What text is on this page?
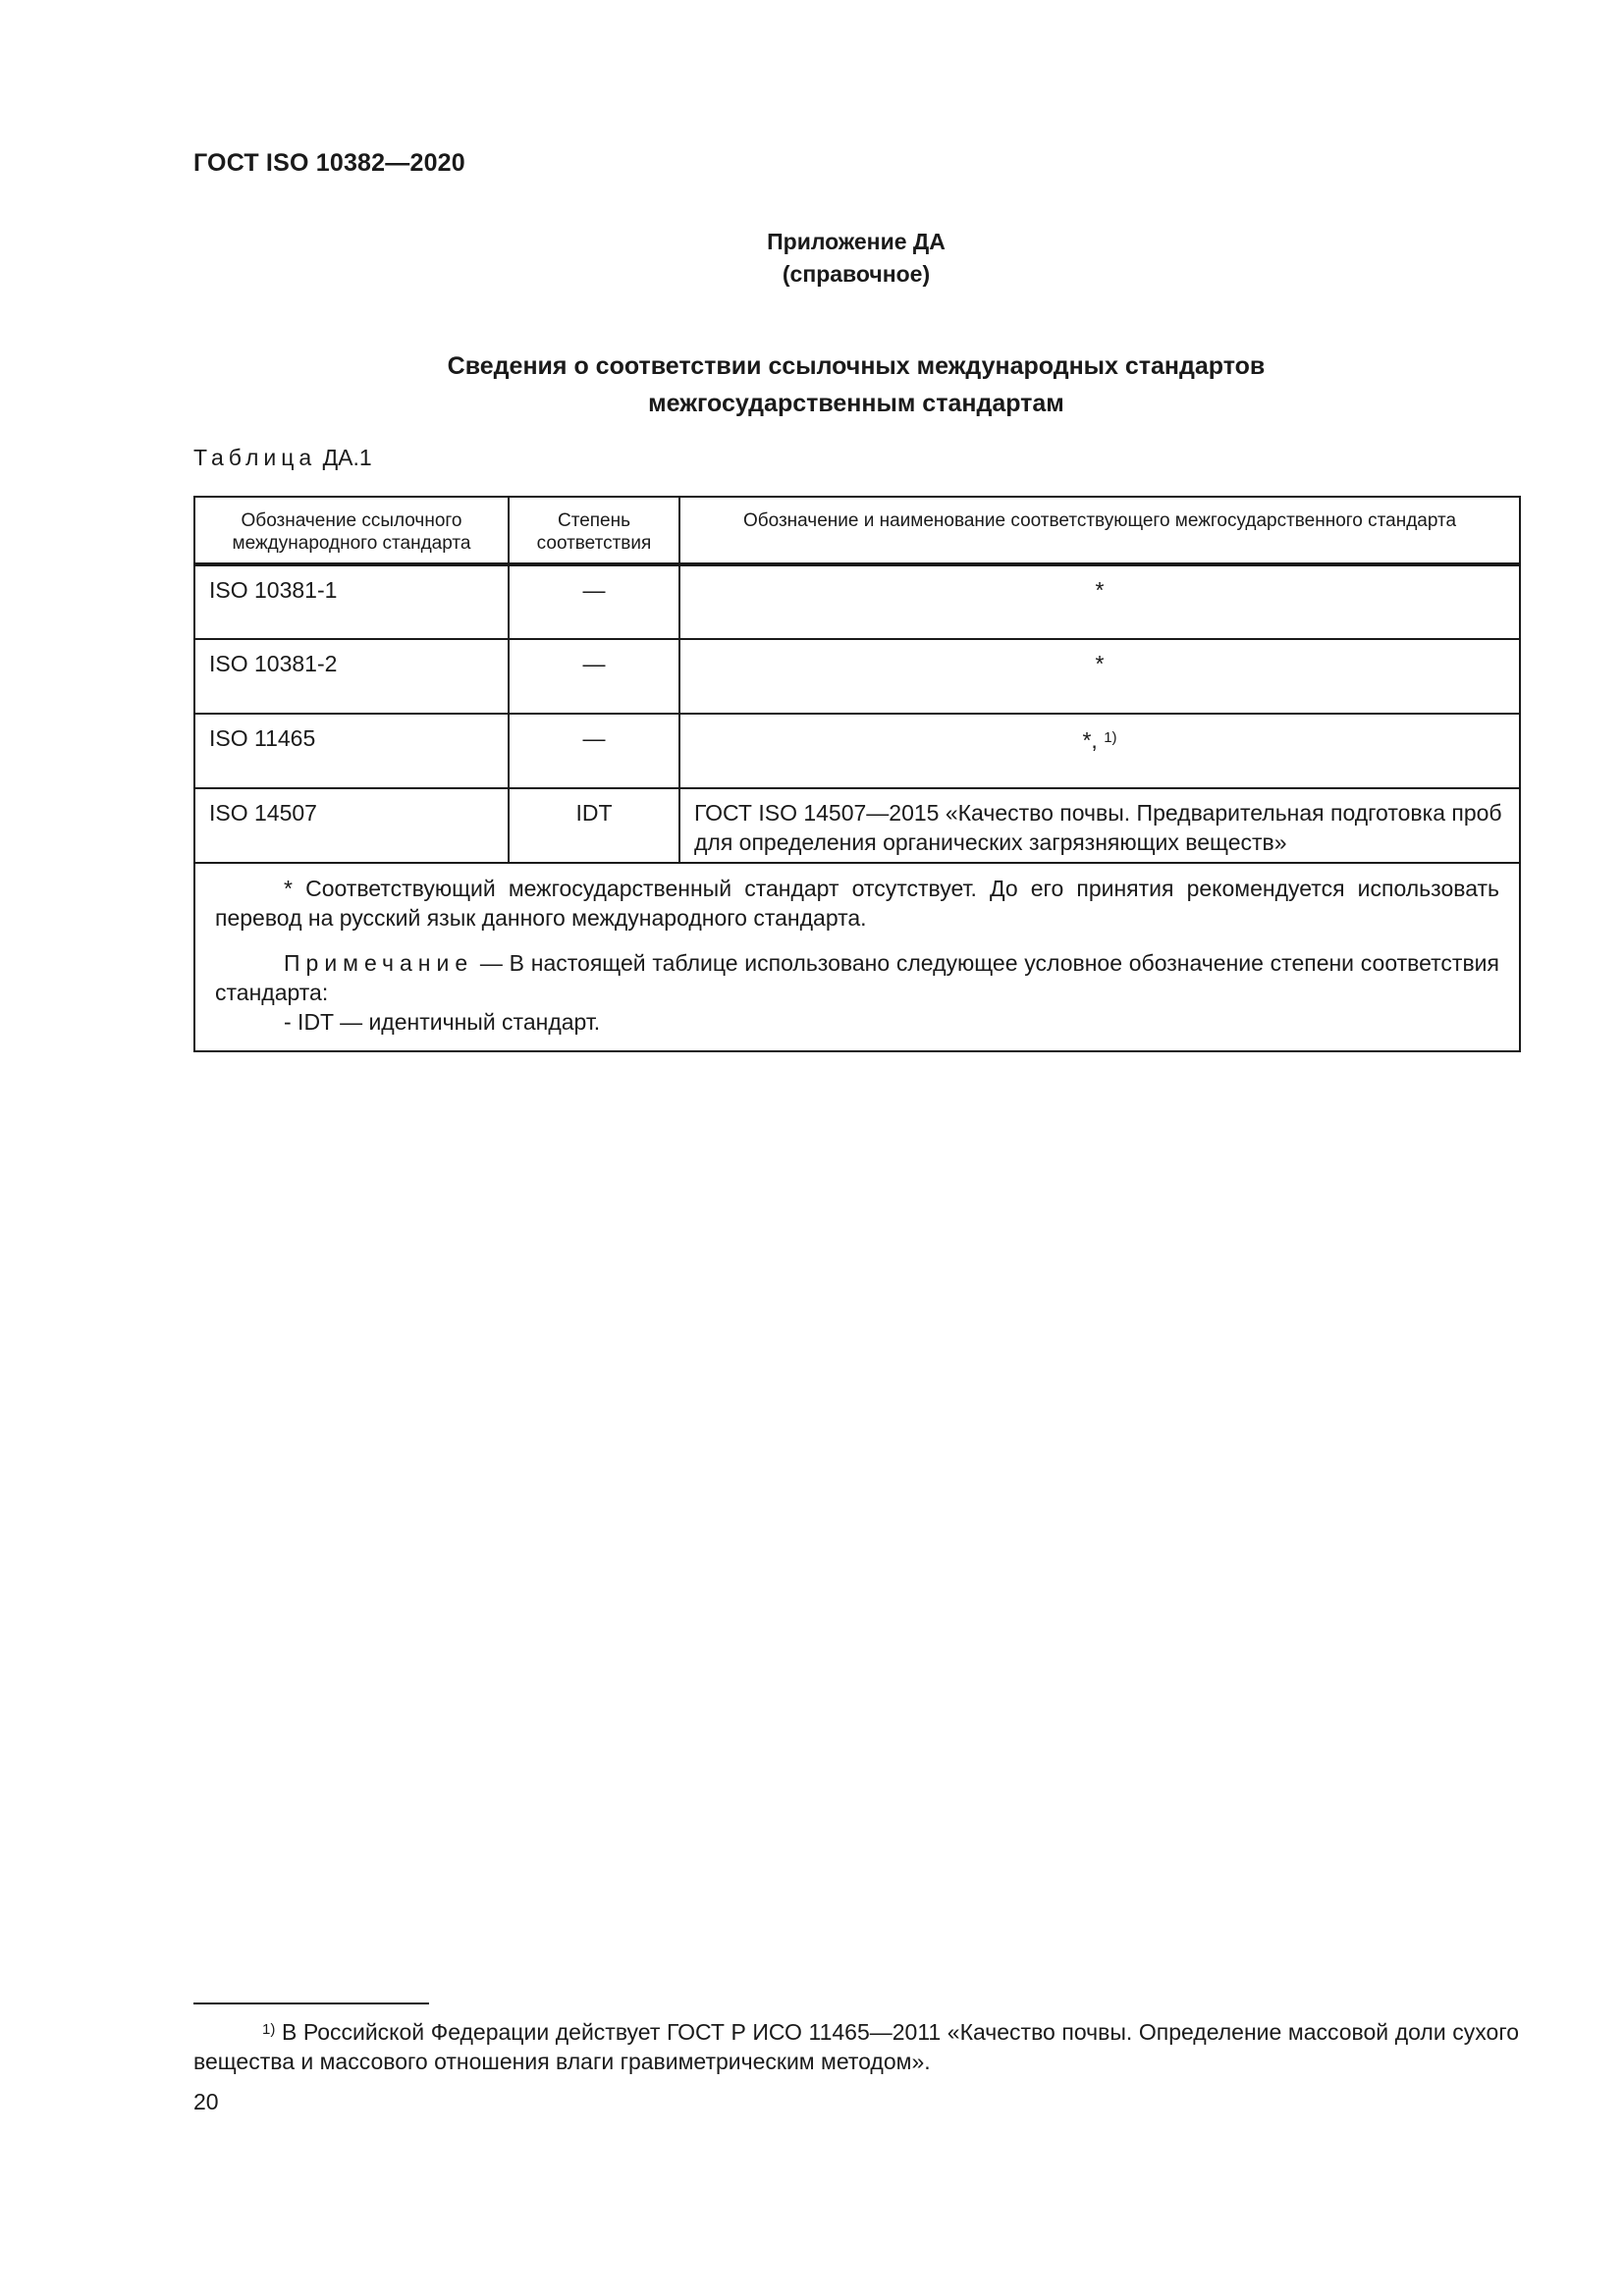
ГОСТ ISO 10382—2020
Приложение ДА
(справочное)
Сведения о соответствии ссылочных международных стандартов
межгосударственным стандартам
Таблица ДА.1
Обозначение ссылочного международного стандарта	Степень соответствия	Обозначение и наименование соответствующего межгосударственного стандарта
ISO 10381-1	—	*
ISO 10381-2	—	*
ISO 11465	—	*, $^{1)}$
ISO 14507	IDT	ГОСТ ISO 14507—2015 «Качество почвы. Предварительная подготовка проб для определения органических загрязняющих веществ»

* Соответствующий межгосударственный стандарт отсутствует. До его принятия рекомендуется использовать перевод на русский язык данного международного стандарта.

Примечание — В настоящей таблице использовано следующее условное обозначение степени соответствия стандарта:

- IDT — идентичный стандарт.		

$^{1)}$ В Российской Федерации действует ГОСТ Р ИСО 11465—2011 «Качество почвы. Определение массовой доли сухого вещества и массового отношения влаги гравиметрическим методом».
20
